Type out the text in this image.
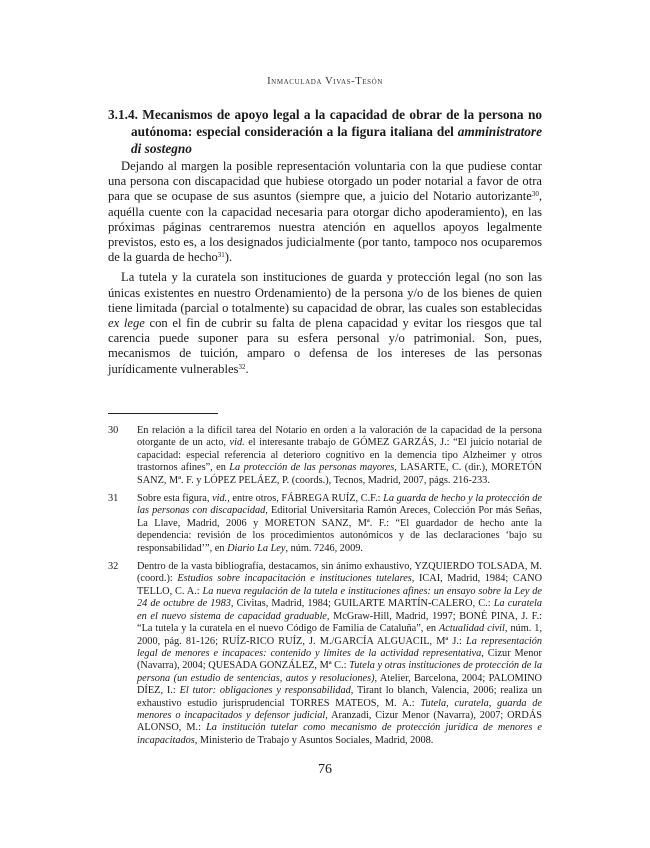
Inmaculada Vivas-Tesón
3.1.4. Mecanismos de apoyo legal a la capacidad de obrar de la persona no autónoma: especial consideración a la figura italiana del amministratore di sostegno

Dejando al margen la posible representación voluntaria con la que pudiese contar una persona con discapacidad que hubiese otorgado un poder notarial a favor de otra para que se ocupase de sus asuntos (siempre que, a juicio del Notario autorizante$^{30}$, aquélla cuente con la capacidad necesaria para otorgar dicho apoderamiento), en las próximas páginas centraremos nuestra atención en aquellos apoyos legalmente previstos, esto es, a los designados judicialmente (por tanto, tampoco nos ocuparemos de la guarda de hecho$^{31}$).

La tutela y la curatela son instituciones de guarda y protección legal (no son las únicas existentes en nuestro Ordenamiento) de la persona y/o de los bienes de quien tiene limitada (parcial o totalmente) su capacidad de obrar, las cuales son establecidas ex lege con el fin de cubrir su falta de plena capacidad y evitar los riesgos que tal carencia puede suponer para su esfera personal y/o patrimonial. Son, pues, mecanismos de tuición, amparo o defensa de los intereses de las personas jurídicamente vulnerables$^{32}$.

30	En relación a la difícil tarea del Notario en orden a la valoración de la capacidad de la persona otorgante de un acto, vid. el interesante trabajo de GÓMEZ GARZÁS, J.: “El juicio notarial de capacidad: especial referencia al deterioro cognitivo en la demencia tipo Alzheimer y otros trastornos afines”, en La protección de las personas mayores, LASARTE, C. (dir.), MORETÓN SANZ, Mª. F. y LÓPEZ PELÁEZ, P. (coords.), Tecnos, Madrid, 2007, págs. 216-233.
31	Sobre esta figura, vid., entre otros, FÁBREGA RUÍZ, C.F.: La guarda de hecho y la protección de las personas con discapacidad, Editorial Universitaria Ramón Areces, Colección Por más Señas, La Llave, Madrid, 2006 y MORETON SANZ, Mª. F.: “El guardador de hecho ante la dependencia: revisión de los procedimientos autonómicos y de las declaraciones ‘bajo su responsabilidad’”, en Diario La Ley, núm. 7246, 2009.
32	Dentro de la vasta bibliografía, destacamos, sin ánimo exhaustivo, YZQUIERDO TOLSADA, M. (coord.): Estudios sobre incapacitación e instituciones tutelares, ICAI, Madrid, 1984; CANO TELLO, C. A.: La nueva regulación de la tutela e instituciones afines: un ensayo sobre la Ley de 24 de octubre de 1983, Civitas, Madrid, 1984; GUILARTE MARTÍN-CALERO, C.: La curatela en el nuevo sistema de capacidad graduable, McGraw-Hill, Madrid, 1997; BONÉ PINA, J. F.: “La tutela y la curatela en el nuevo Código de Familia de Cataluña”, en Actualidad civil, núm. 1, 2000, pág. 81-126; RUÍZ-RICO RUÍZ, J. M./GARCÍA ALGUACIL, Mª J.: La representación legal de menores e incapaces: contenido y límites de la actividad representativa, Cizur Menor (Navarra), 2004; QUESADA GONZÁLEZ, Mª C.: Tutela y otras instituciones de protección de la persona (un estudio de sentencias, autos y resoluciones), Atelier, Barcelona, 2004; PALOMINO DÍEZ, I.: El tutor: obligaciones y responsabilidad, Tirant lo blanch, Valencia, 2006; realiza un exhaustivo estudio jurisprudencial TORRES MATEOS, M. A.: Tutela, curatela, guarda de menores o incapacitados y defensor judicial, Aranzadi, Cizur Menor (Navarra), 2007; ORDÁS ALONSO, M.: La institución tutelar como mecanismo de protección jurídica de menores e incapacitados, Ministerio de Trabajo y Asuntos Sociales, Madrid, 2008.
76
